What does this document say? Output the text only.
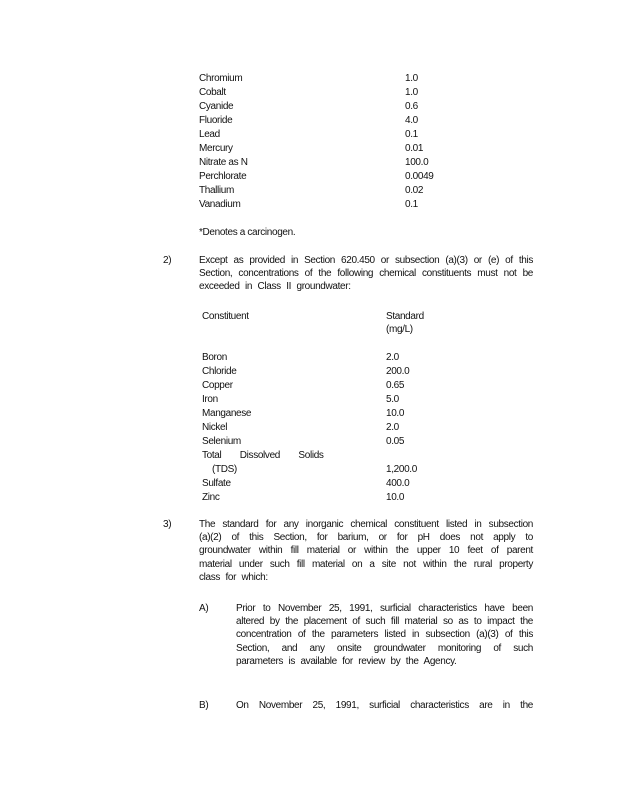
Chromium	1.0
Cobalt	1.0
Cyanide	0.6
Fluoride	4.0
Lead	0.1
Mercury	0.01
Nitrate as N	100.0
Perchlorate	0.0049
Thallium	0.02
Vanadium	0.1
*Denotes a carcinogen.
2)	Except as provided in Section 620.450 or subsection (a)(3) or (e) of this Section, concentrations of the following chemical constituents must not be exceeded in Class II groundwater:
Constituent	Standard
(mg/L)
Boron	2.0
Chloride	200.0
Copper	0.65
Iron	5.0
Manganese	10.0
Nickel	2.0
Selenium	0.05
Total Dissolved Solids
(TDS)	1,200.0
Sulfate	400.0
Zinc	10.0
3)	The standard for any inorganic chemical constituent listed in subsection (a)(2) of this Section, for barium, or for pH does not apply to groundwater within fill material or within the upper 10 feet of parent material under such fill material on a site not within the rural property class for which:
A)	Prior to November 25, 1991, surficial characteristics have been altered by the placement of such fill material so as to impact the concentration of the parameters listed in subsection (a)(3) of this Section, and any onsite groundwater monitoring of such parameters is available for review by the Agency.
B)	On November 25, 1991, surficial characteristics are in the
